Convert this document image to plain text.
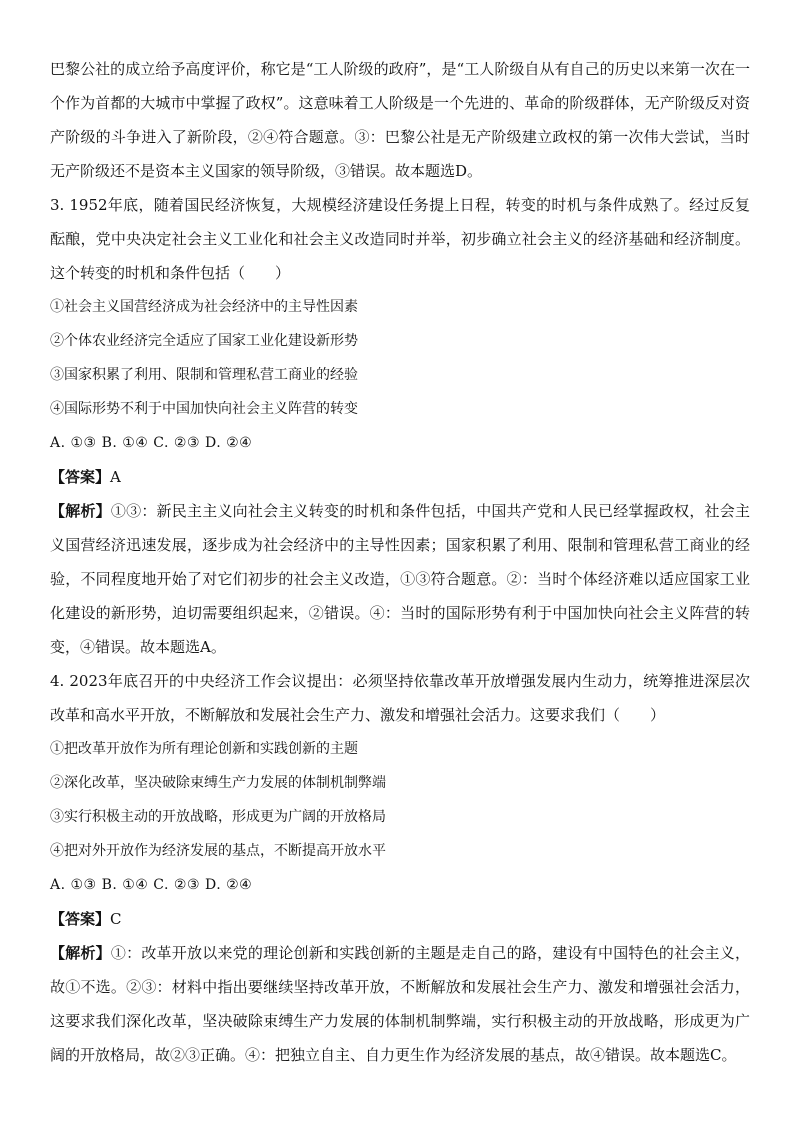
巴黎公社的成立给予高度评价，称它是“工人阶级的政府”，是“工人阶级自从有自己的历史以来第一次在一个作为首都的大城市中掌握了政权”。这意味着工人阶级是一个先进的、革命的阶级群体，无产阶级反对资产阶级的斗争进入了新阶段，②④符合题意。③：巴黎公社是无产阶级建立政权的第一次伟大尝试，当时无产阶级还不是资本主义国家的领导阶级，③错误。故本题选D。

3. 1952年底，随着国民经济恢复，大规模经济建设任务提上日程，转变的时机与条件成熟了。经过反复酝酿，党中央决定社会主义工业化和社会主义改造同时并举，初步确立社会主义的经济基础和经济制度。这个转变的时机和条件包括（　　）

①社会主义国营经济成为社会经济中的主导性因素

②个体农业经济完全适应了国家工业化建设新形势

③国家积累了利用、限制和管理私营工商业的经验

④国际形势不利于中国加快向社会主义阵营的转变

A. ①③ B. ①④ C. ②③ D. ②④

【答案】A

【解析】①③：新民主主义向社会主义转变的时机和条件包括，中国共产党和人民已经掌握政权，社会主义国营经济迅速发展，逐步成为社会经济中的主导性因素；国家积累了利用、限制和管理私营工商业的经验，不同程度地开始了对它们初步的社会主义改造，①③符合题意。②：当时个体经济难以适应国家工业化建设的新形势，迫切需要组织起来，②错误。④：当时的国际形势有利于中国加快向社会主义阵营的转变，④错误。故本题选A。

4. 2023年底召开的中央经济工作会议提出：必须坚持依靠改革开放增强发展内生动力，统筹推进深层次改革和高水平开放，不断解放和发展社会生产力、激发和增强社会活力。这要求我们（　　）

①把改革开放作为所有理论创新和实践创新的主题

②深化改革，坚决破除束缚生产力发展的体制机制弊端

③实行积极主动的开放战略，形成更为广阔的开放格局

④把对外开放作为经济发展的基点，不断提高开放水平

A. ①③ B. ①④ C. ②③ D. ②④

【答案】C

【解析】①：改革开放以来党的理论创新和实践创新的主题是走自己的路，建设有中国特色的社会主义，故①不选。②③：材料中指出要继续坚持改革开放，不断解放和发展社会生产力、激发和增强社会活力，这要求我们深化改革，坚决破除束缚生产力发展的体制机制弊端，实行积极主动的开放战略，形成更为广阔的开放格局，故②③正确。④：把独立自主、自力更生作为经济发展的基点，故④错误。故本题选C。
